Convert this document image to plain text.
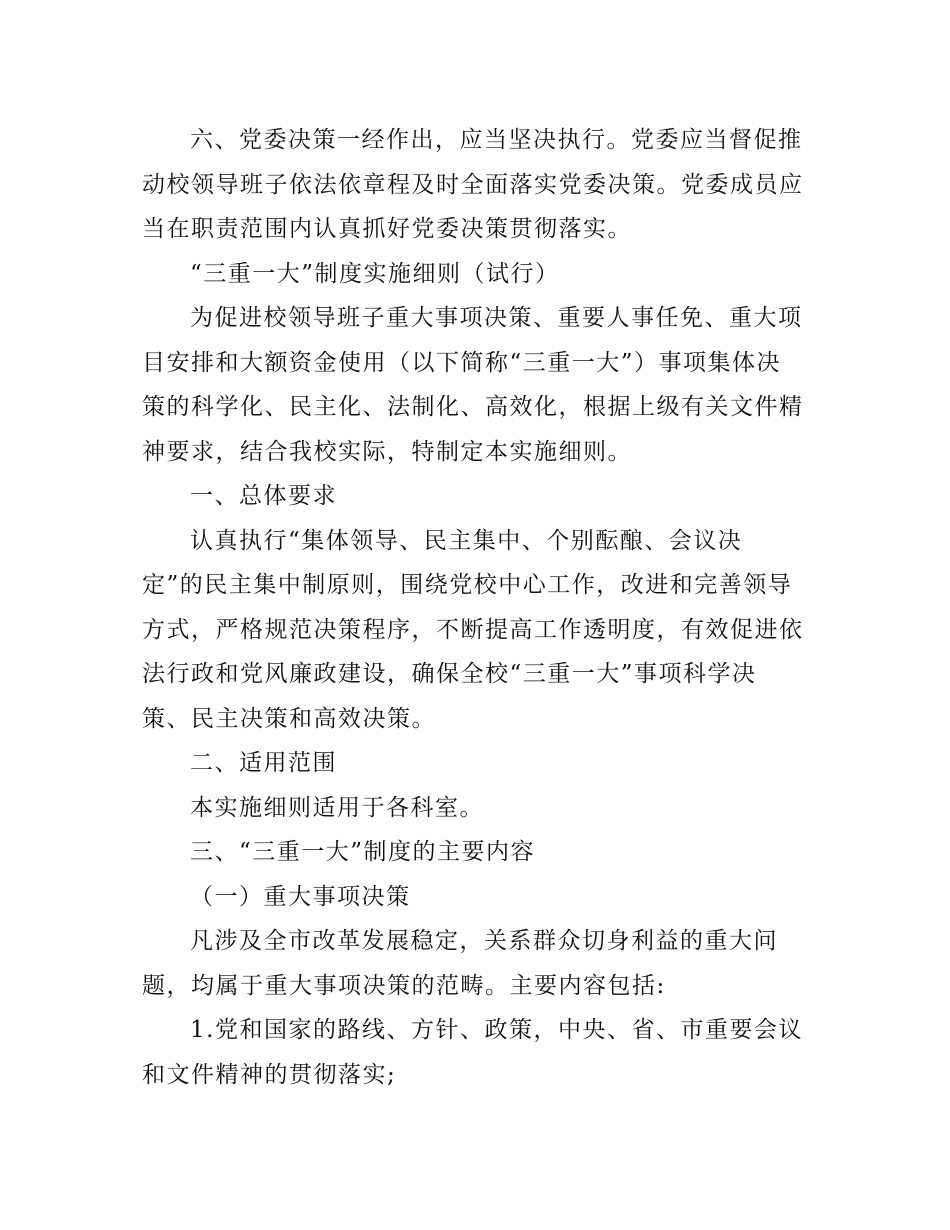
六、党委决策一经作出，应当坚决执行。党委应当督促推
动校领导班子依法依章程及时全面落实党委决策。党委成员应
当在职责范围内认真抓好党委决策贯彻落实。
“三重一大”制度实施细则（试行）
为促进校领导班子重大事项决策、重要人事任免、重大项
目安排和大额资金使用（以下简称“三重一大”）事项集体决
策的科学化、民主化、法制化、高效化，根据上级有关文件精
神要求，结合我校实际，特制定本实施细则。
一、总体要求
认真执行“集体领导、民主集中、个别酝酿、会议决
定”的民主集中制原则，围绕党校中心工作，改进和完善领导
方式，严格规范决策程序，不断提高工作透明度，有效促进依
法行政和党风廉政建设，确保全校“三重一大”事项科学决
策、民主决策和高效决策。
二、适用范围
本实施细则适用于各科室。
三、“三重一大”制度的主要内容
（一）重大事项决策
凡涉及全市改革发展稳定，关系群众切身利益的重大问
题，均属于重大事项决策的范畴。主要内容包括:
1.党和国家的路线、方针、政策，中央、省、市重要会议
和文件精神的贯彻落实;
